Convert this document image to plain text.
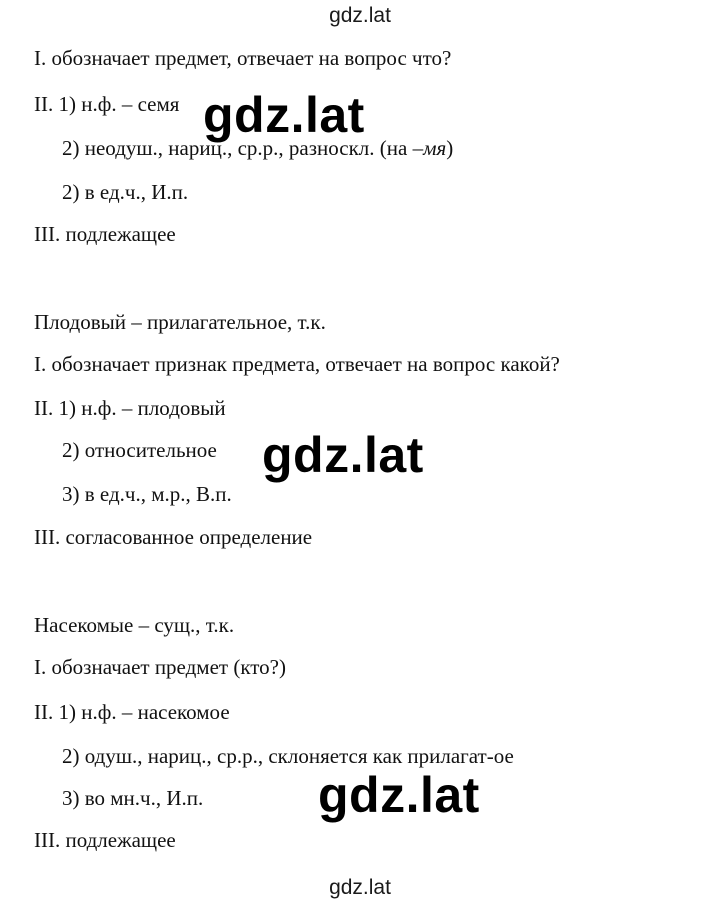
gdz.lat
I. обозначает предмет, отвечает на вопрос что?
II. 1) н.ф. – семя
2) неодуш., нариц., ср.р., разноскл. (на –мя)
2) в ед.ч., И.п.
III. подлежащее
Плодовый – прилагательное, т.к.
I. обозначает признак предмета, отвечает на вопрос какой?
II. 1) н.ф. – плодовый
2) относительное
3) в ед.ч., м.р., В.п.
III. согласованное определение
Насекомые – сущ., т.к.
I. обозначает предмет (кто?)
II. 1) н.ф. – насекомое
2) одуш., нариц., ср.р., склоняется как прилагат-ое
3) во мн.ч., И.п.
III. подлежащее
gdz.lat
gdz.lat
gdz.lat
gdz.lat
